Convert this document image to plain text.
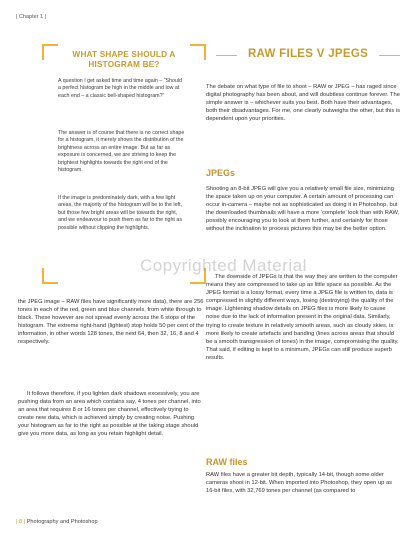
| Chapter 1 |
WHAT SHAPE SHOULD A HISTOGRAM BE?

A question I get asked time and time again – “Should a perfect histogram be high in the middle and low at each end – a classic bell-shaped histogram?”

The answer is of course that there is no correct shape for a histogram, it merely shows the distribution of the brightness across an entire image. But as far as exposure is concerned, we are striving to keep the brightest highlights towards the right end of the histogram.

If the image is predominately dark, with a few light areas, the majority of the histogram will be to the left, but those few bright areas will be towards the right, and we endeavour to push them as far to the right as possible without clipping the highlights.

RAW FILES V JPEGS

The debate on what type of file to shoot – RAW or JPEG – has raged since digital photography has been about, and will doubtless continue forever. The simple answer is – whichever suits you best. Both have their advantages, both their disadvantages. For me, one clearly outweighs the other, but this is dependent upon your priorities.

JPEGs

Shooting an 8-bit JPEG will give you a relatively small file size, minimizing the space taken up on your computer. A certain amount of processing can occur in-camera – maybe not as sophisticated as doing it in Photoshop, but the downloaded thumbnails will have a more ‘complete’ look than with RAW, possibly encouraging you to look at them further, and certainly for those without the inclination to process pictures this may be the better option.

The downside of JPEGs is that the way they are written to the computer means they are compressed to take up as little space as possible. As the JPEG format is a lossy format, every time a JPEG file is written to, data is compressed in slightly different ways, losing (destroying) the quality of the image. Lightening shadow details on JPEG files is more likely to cause noise due to the lack of information present in the original data. Similarly, trying to create texture in relatively smooth areas, such as cloudy skies, is more likely to create artefacts and banding (lines across areas that should be a smooth transgression of tones) in the image, compromising the quality. That said, if editing is kept to a minimum, JPEGs can still produce superb results.

RAW files

RAW files have a greater bit depth, typically 14-bit, though some older cameras shoot in 12-bit. When imported into Photoshop, they open up as 16-bit files, with 32,769 tones per channel (as compared to

the JPEG image – RAW files have significantly more data), there are 256 tones in each of the red, green and blue channels, from white through to black. These however are not spread evenly across the 6 stops of the histogram. The extreme right-hand (lightest) stop holds 50 per cent of the information, in other words 128 tones, the next 64, then 32, 16, 8 and 4 respectively.

It follows therefore, if you lighten dark shadows excessively, you are pushing data from an area which contains say, 4 tones per channel, into an area that requires 8 or 16 tones per channel, effectively trying to create new data, which is achieved simply by creating noise. Pushing your histogram as far to the right as possible at the taking stage should give you more data, as long as you retain highlight detail.

Copyrighted Material
| 8 | Photography and Photoshop
